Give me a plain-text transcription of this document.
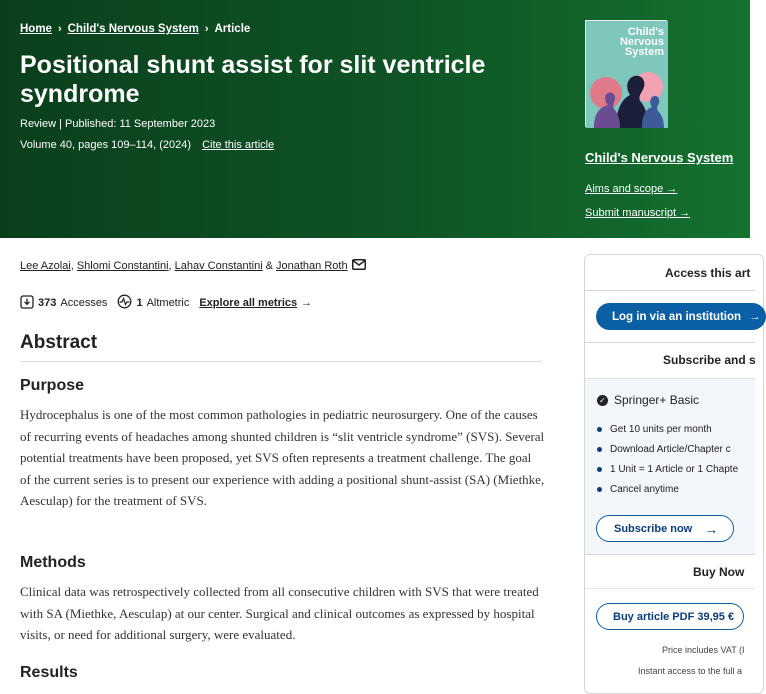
Home › Child's Nervous System › Article
Positional shunt assist for slit ventricle syndrome
Review | Published: 11 September 2023
Volume 40, pages 109–114, (2024) Cite this article
Child's Nervous System
Child's Nervous System
Aims and scope →
Submit manuscript →
Lee Azolai , Shlomi Constantini , Lahav Constantini & Jonathan Roth
373 Accesses	1 Altmetric Explore all metrics →
Abstract
Purpose

Hydrocephalus is one of the most common pathologies in pediatric neurosurgery. One of the causes of recurring events of headaches among shunted children is “slit ventricle syndrome” (SVS). Several potential treatments have been proposed, yet SVS often represents a treatment challenge. The goal of the current series is to present our experience with adding a positional shunt-assist (SA) (Miethke, Aesculap) for the treatment of SVS.

Methods

Clinical data was retrospectively collected from all consecutive children with SVS that were treated with SA (Miethke, Aesculap) at our center. Surgical and clinical outcomes as expressed by hospital visits, or need for additional surgery, were evaluated.

Results
Access this art
Log in via an institution →
Subscribe and s
✓ Springer+ Basic
Get 10 units per month
Download Article/Chapter c
1 Unit = 1 Article or 1 Chapte
Cancel anytime
Subscribe now →
Buy Now
Buy article PDF 39,95 €
Price includes VAT (I
Instant access to the full a
